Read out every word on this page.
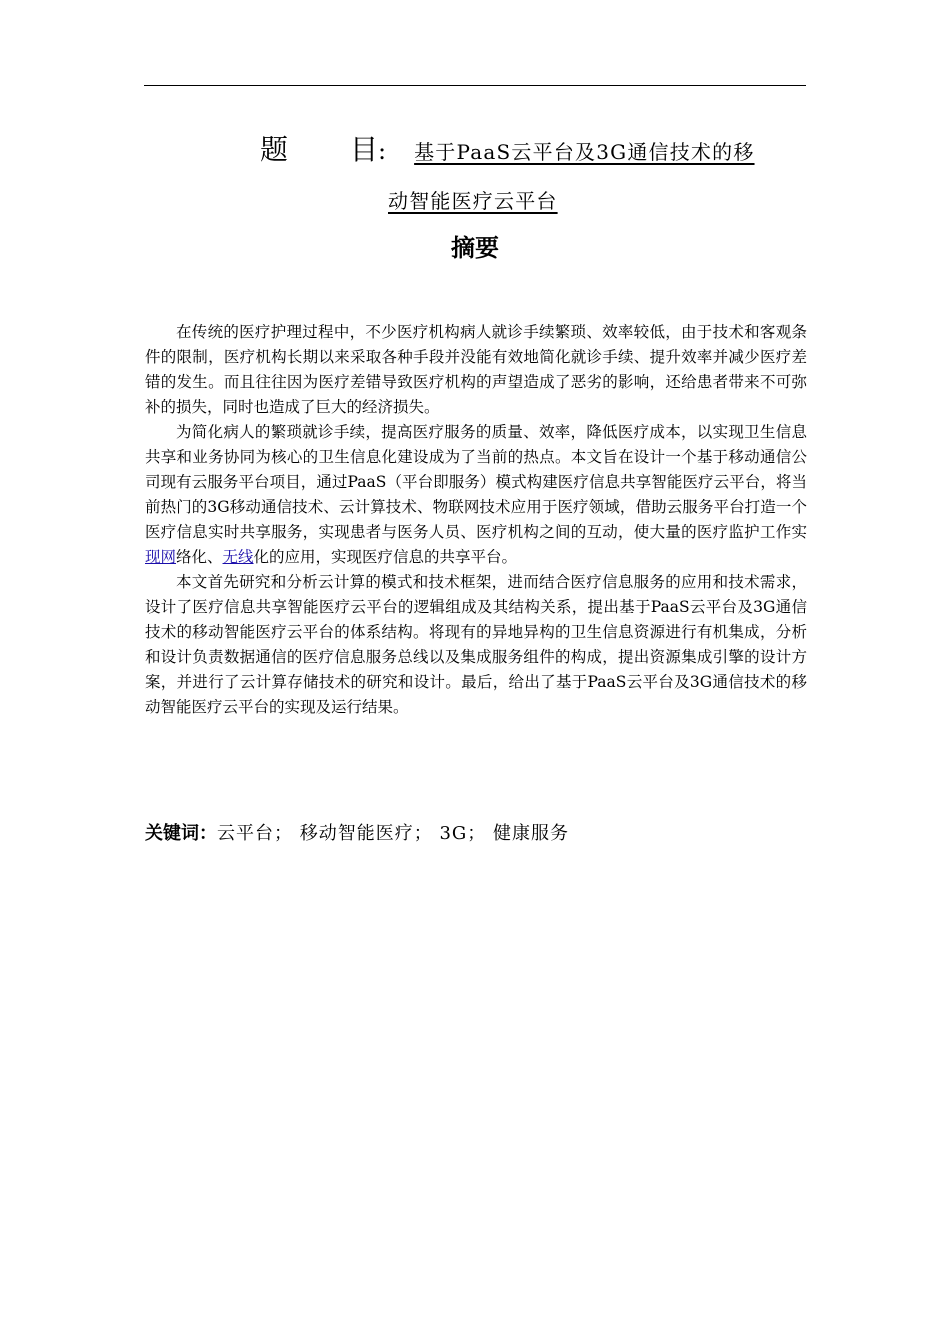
题 目: 基于PaaS云平台及3G通信技术的移
动智能医疗云平台
摘要

在传统的医疗护理过程中，不少医疗机构病人就诊手续繁琐、效率较低，由于技术和客观条件的限制，医疗机构长期以来采取各种手段并没能有效地简化就诊手续、提升效率并减少医疗差错的发生。而且往往因为医疗差错导致医疗机构的声望造成了恶劣的影响，还给患者带来不可弥补的损失，同时也造成了巨大的经济损失。

为简化病人的繁琐就诊手续，提高医疗服务的质量、效率，降低医疗成本，以实现卫生信息共享和业务协同为核心的卫生信息化建设成为了当前的热点。本文旨在设计一个基于移动通信公司现有云服务平台项目，通过PaaS（平台即服务）模式构建医疗信息共享智能医疗云平台，将当前热门的3G移动通信技术、云计算技术、物联网技术应用于医疗领域，借助云服务平台打造一个医疗信息实时共享服务，实现患者与医务人员、医疗机构之间的互动，使大量的医疗监护工作实现网络化、无线化的应用，实现医疗信息的共享平台。

本文首先研究和分析云计算的模式和技术框架，进而结合医疗信息服务的应用和技术需求，设计了医疗信息共享智能医疗云平台的逻辑组成及其结构关系，提出基于PaaS云平台及3G通信技术的移动智能医疗云平台的体系结构。将现有的异地异构的卫生信息资源进行有机集成，分析和设计负责数据通信的医疗信息服务总线以及集成服务组件的构成，提出资源集成引擎的设计方案，并进行了云计算存储技术的研究和设计。最后，给出了基于PaaS云平台及3G通信技术的移动智能医疗云平台的实现及运行结果。

关键词：云平台； 移动智能医疗； 3G； 健康服务
